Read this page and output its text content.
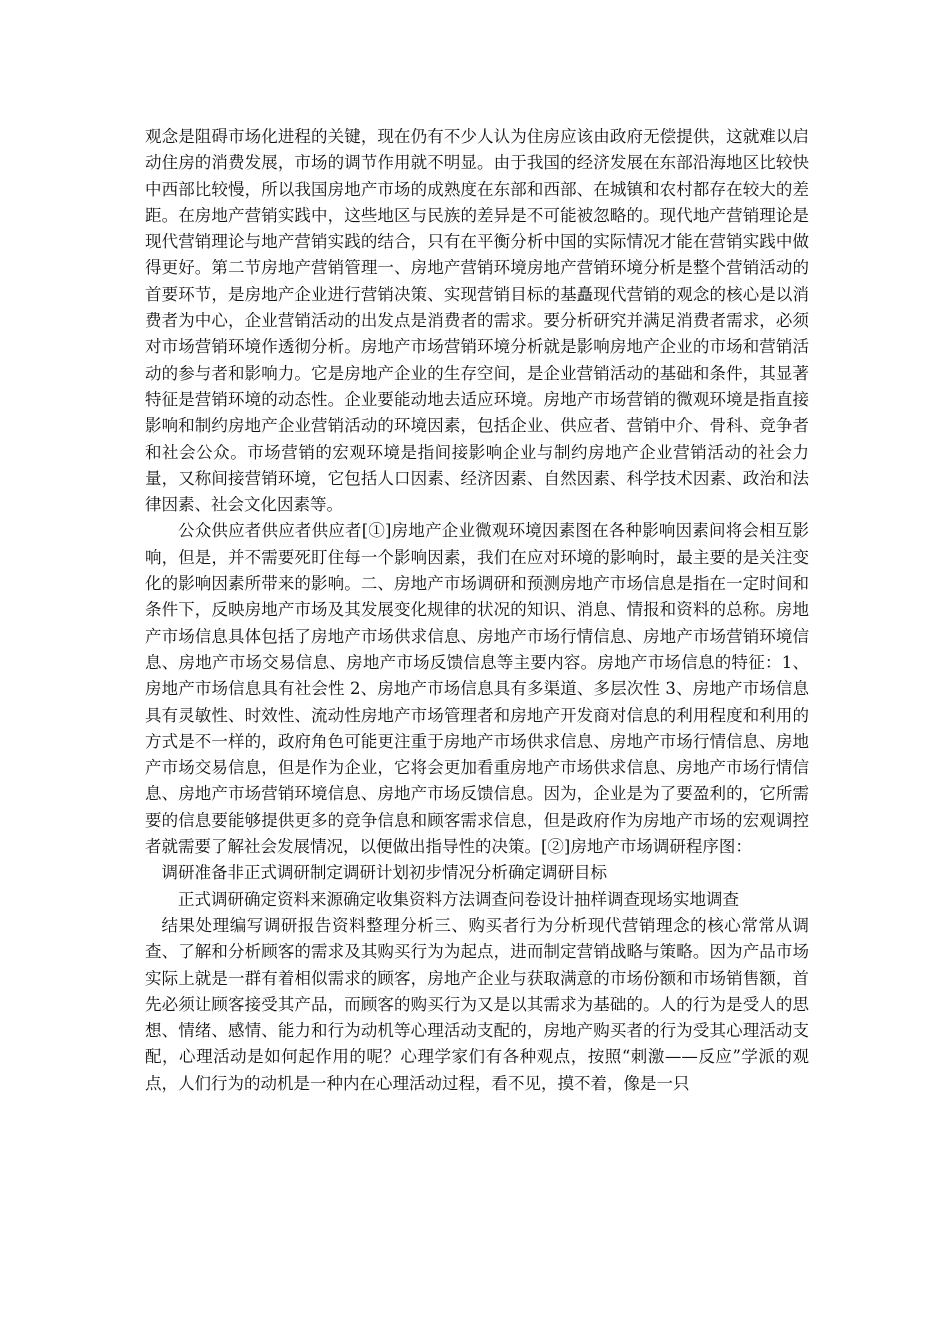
观念是阻碍市场化进程的关键，现在仍有不少人认为住房应该由政府无偿提供，这就难以启动住房的消费发展，市场的调节作用就不明显。由于我国的经济发展在东部沿海地区比较快中西部比较慢，所以我国房地产市场的成熟度在东部和西部、在城镇和农村都存在较大的差距。在房地产营销实践中，这些地区与民族的差异是不可能被忽略的。现代地产营销理论是现代营销理论与地产营销实践的结合，只有在平衡分析中国的实际情况才能在营销实践中做得更好。第二节房地产营销管理一、房地产营销环境房地产营销环境分析是整个营销活动的首要环节，是房地产企业进行营销决策、实现营销目标的基矗现代营销的观念的核心是以消费者为中心，企业营销活动的出发点是消费者的需求。要分析研究并满足消费者需求，必须对市场营销环境作透彻分析。房地产市场营销环境分析就是影响房地产企业的市场和营销活动的参与者和影响力。它是房地产企业的生存空间，是企业营销活动的基础和条件，其显著特征是营销环境的动态性。企业要能动地去适应环境。房地产市场营销的微观环境是指直接影响和制约房地产企业营销活动的环境因素，包括企业、供应者、营销中介、骨科、竞争者和社会公众。市场营销的宏观环境是指间接影响企业与制约房地产企业营销活动的社会力量，又称间接营销环境，它包括人口因素、经济因素、自然因素、科学技术因素、政治和法律因素、社会文化因素等。

公众供应者供应者供应者[①]房地产企业微观环境因素图在各种影响因素间将会相互影响，但是，并不需要死盯住每一个影响因素，我们在应对环境的影响时，最主要的是关注变化的影响因素所带来的影响。二、房地产市场调研和预测房地产市场信息是指在一定时间和条件下，反映房地产市场及其发展变化规律的状况的知识、消息、情报和资料的总称。房地产市场信息具体包括了房地产市场供求信息、房地产市场行情信息、房地产市场营销环境信息、房地产市场交易信息、房地产市场反馈信息等主要内容。房地产市场信息的特征：1、房地产市场信息具有社会性 2、房地产市场信息具有多渠道、多层次性 3、房地产市场信息具有灵敏性、时效性、流动性房地产市场管理者和房地产开发商对信息的利用程度和利用的方式是不一样的，政府角色可能更注重于房地产市场供求信息、房地产市场行情信息、房地产市场交易信息，但是作为企业，它将会更加看重房地产市场供求信息、房地产市场行情信息、房地产市场营销环境信息、房地产市场反馈信息。因为，企业是为了要盈利的，它所需要的信息要能够提供更多的竞争信息和顾客需求信息，但是政府作为房地产市场的宏观调控者就需要了解社会发展情况，以便做出指导性的决策。[②]房地产市场调研程序图：

调研准备非正式调研制定调研计划初步情况分析确定调研目标

正式调研确定资料来源确定收集资料方法调查问卷设计抽样调查现场实地调查

结果处理编写调研报告资料整理分析三、购买者行为分析现代营销理念的核心常常从调查、了解和分析顾客的需求及其购买行为为起点，进而制定营销战略与策略。因为产品市场实际上就是一群有着相似需求的顾客，房地产企业与获取满意的市场份额和市场销售额，首先必须让顾客接受其产品，而顾客的购买行为又是以其需求为基础的。人的行为是受人的思想、情绪、感情、能力和行为动机等心理活动支配的，房地产购买者的行为受其心理活动支配，心理活动是如何起作用的呢？心理学家们有各种观点，按照“刺激——反应”学派的观点，人们行为的动机是一种内在心理活动过程，看不见，摸不着，像是一只
